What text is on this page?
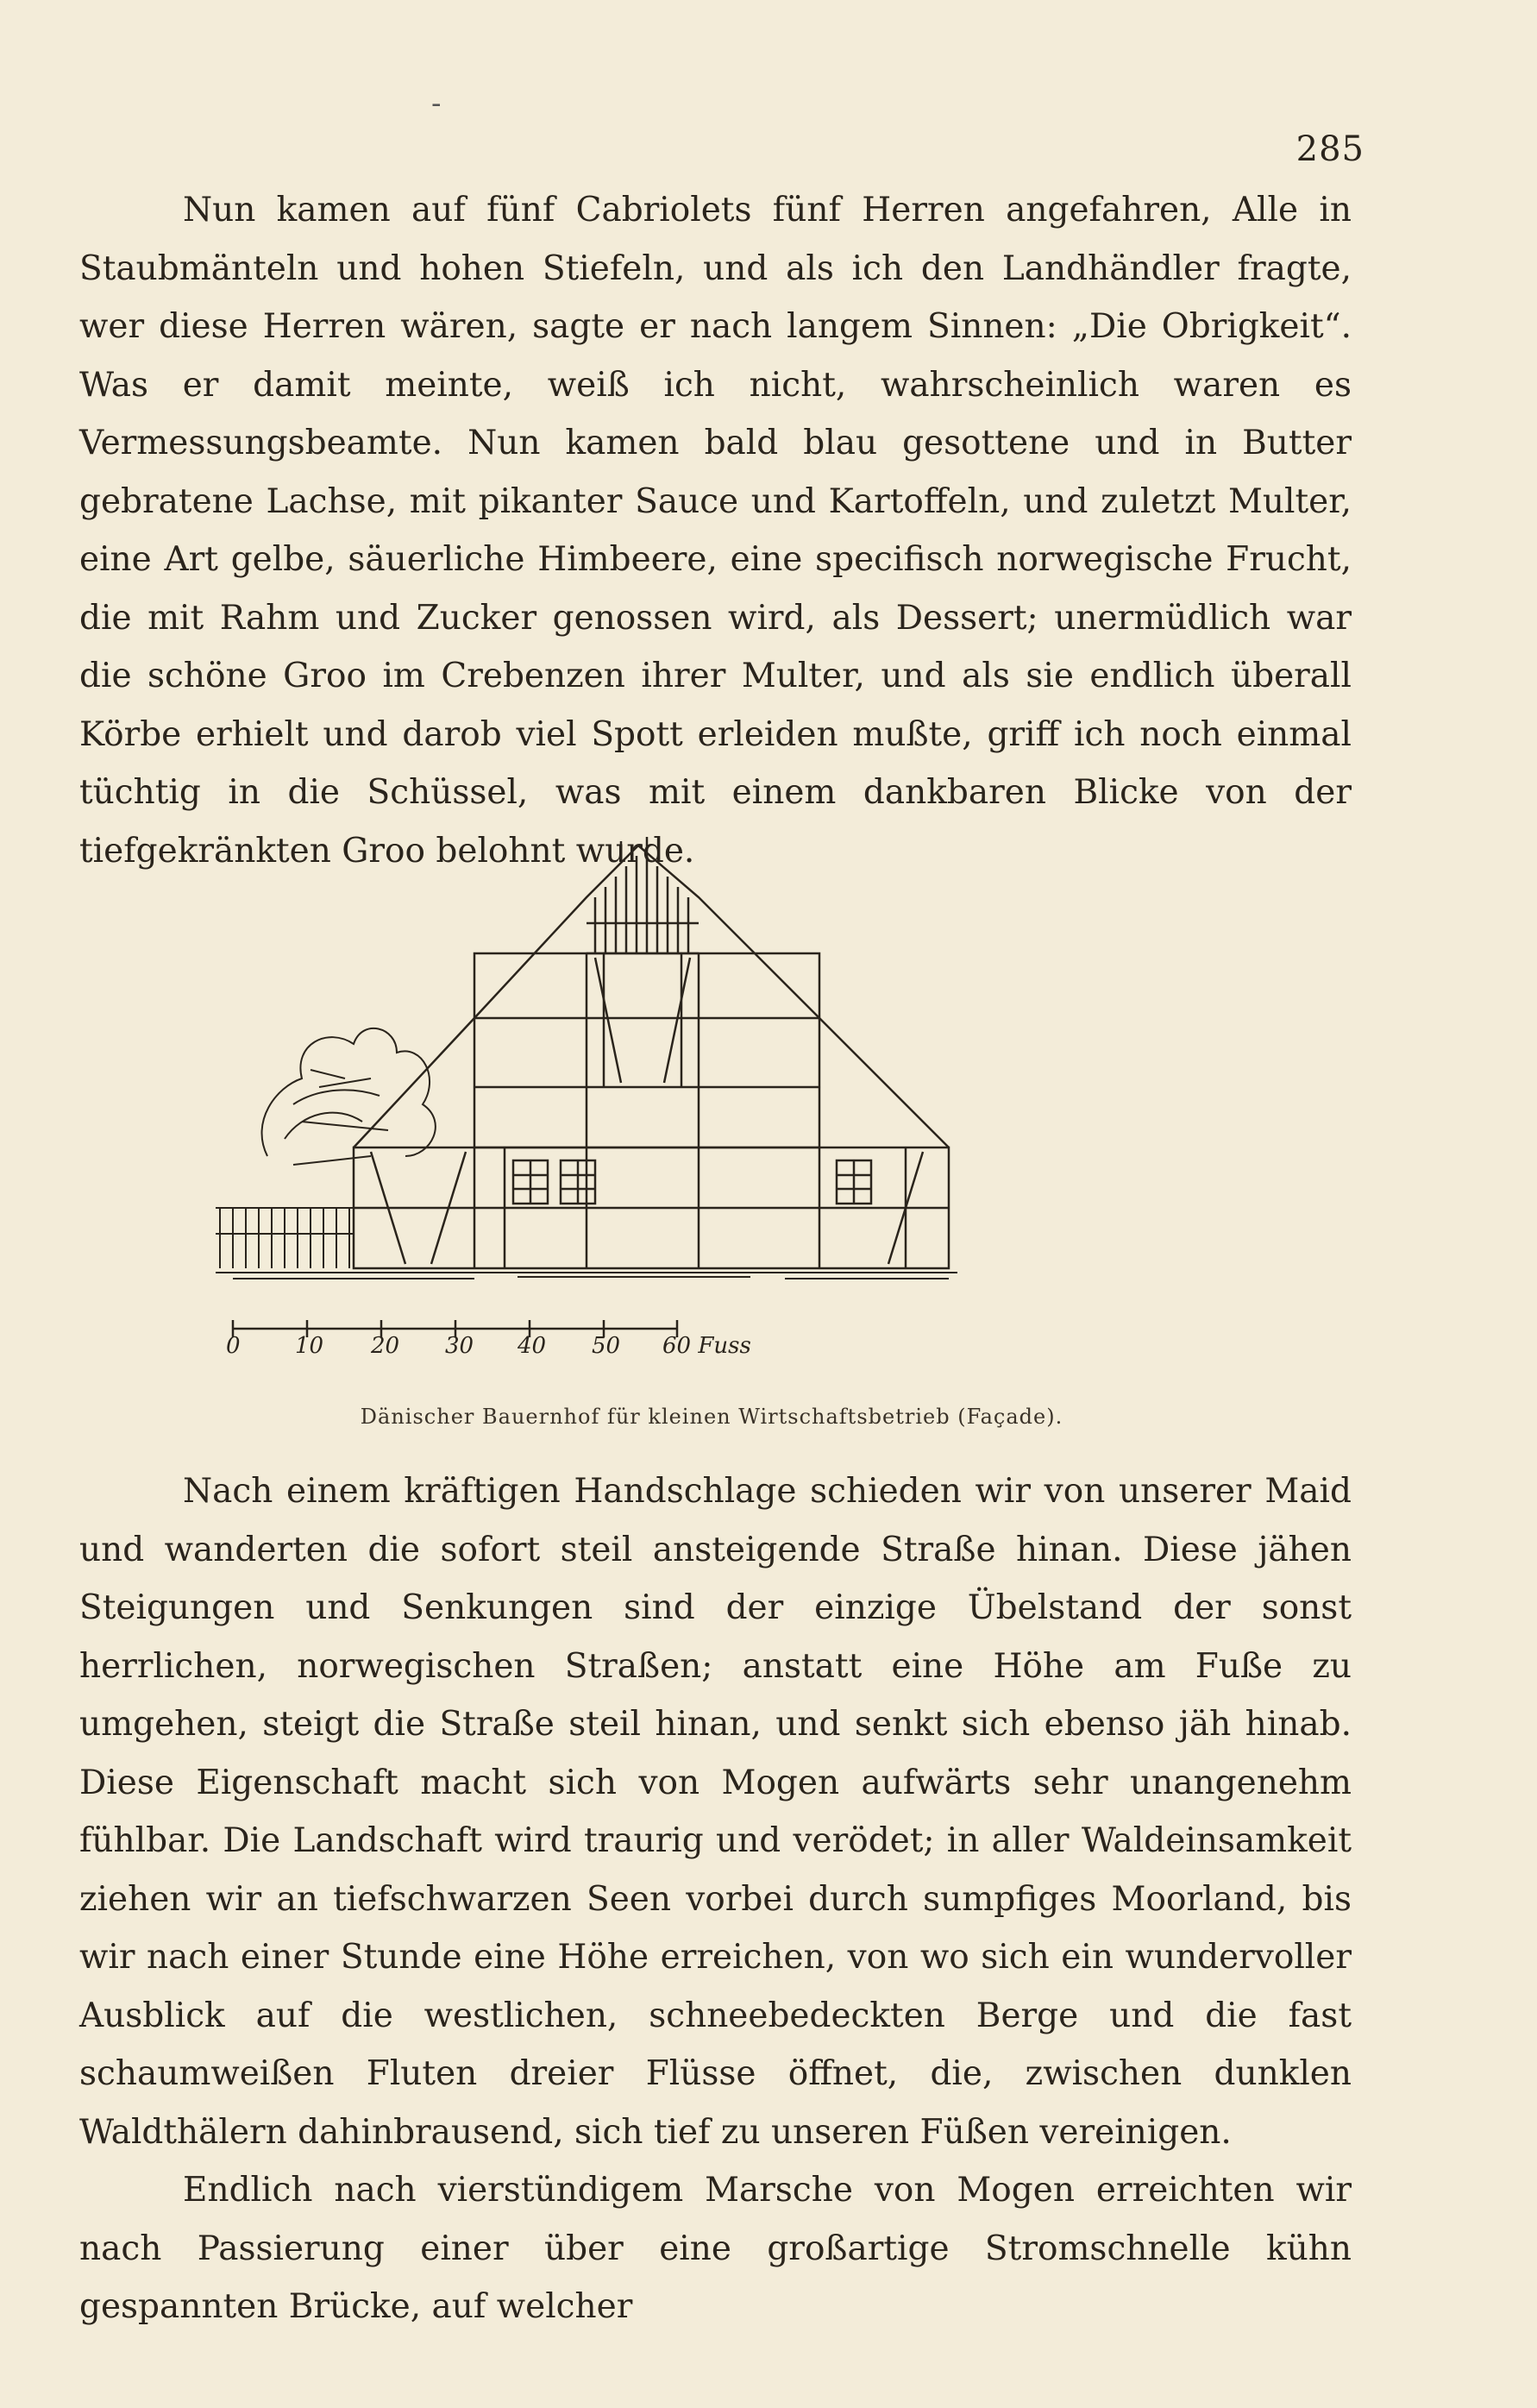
-
285

Nun kamen auf fünf Cabriolets fünf Herren angefahren, Alle in Staubmänteln und hohen Stiefeln, und als ich den Landhändler fragte, wer diese Herren wären, sagte er nach langem Sinnen: „Die Obrigkeit“. Was er damit meinte, weiß ich nicht, wahrscheinlich waren es Vermessungsbeamte. Nun kamen bald blau gesottene und in Butter gebratene Lachse, mit pikanter Sauce und Kartoffeln, und zuletzt Multer, eine Art gelbe, säuerliche Himbeere, eine specifisch norwegische Frucht, die mit Rahm und Zucker genossen wird, als Dessert; unermüdlich war die schöne Groo im Crebenzen ihrer Multer, und als sie endlich überall Körbe erhielt und darob viel Spott erleiden mußte, griff ich noch einmal tüchtig in die Schüssel, was mit einem dankbaren Blicke von der tiefgekränkten Groo belohnt wurde.

0 10 20 30 40 50 60 Fuss
Dänischer Bauernhof für kleinen Wirtschaftsbetrieb (Façade).

Nach einem kräftigen Handschlage schieden wir von unserer Maid und wanderten die sofort steil ansteigende Straße hinan. Diese jähen Steigungen und Senkungen sind der einzige Übelstand der sonst herrlichen, norwegischen Straßen; anstatt eine Höhe am Fuße zu umgehen, steigt die Straße steil hinan, und senkt sich ebenso jäh hinab. Diese Eigenschaft macht sich von Mogen aufwärts sehr unangenehm fühlbar. Die Landschaft wird traurig und verödet; in aller Waldeinsamkeit ziehen wir an tiefschwarzen Seen vorbei durch sumpfiges Moorland, bis wir nach einer Stunde eine Höhe erreichen, von wo sich ein wundervoller Ausblick auf die westlichen, schneebedeckten Berge und die fast schaumweißen Fluten dreier Flüsse öffnet, die, zwischen dunklen Waldthälern dahinbrausend, sich tief zu unseren Füßen vereinigen.

Endlich nach vierstündigem Marsche von Mogen erreichten wir nach Passierung einer über eine großartige Stromschnelle kühn gespannten Brücke, auf welcher
